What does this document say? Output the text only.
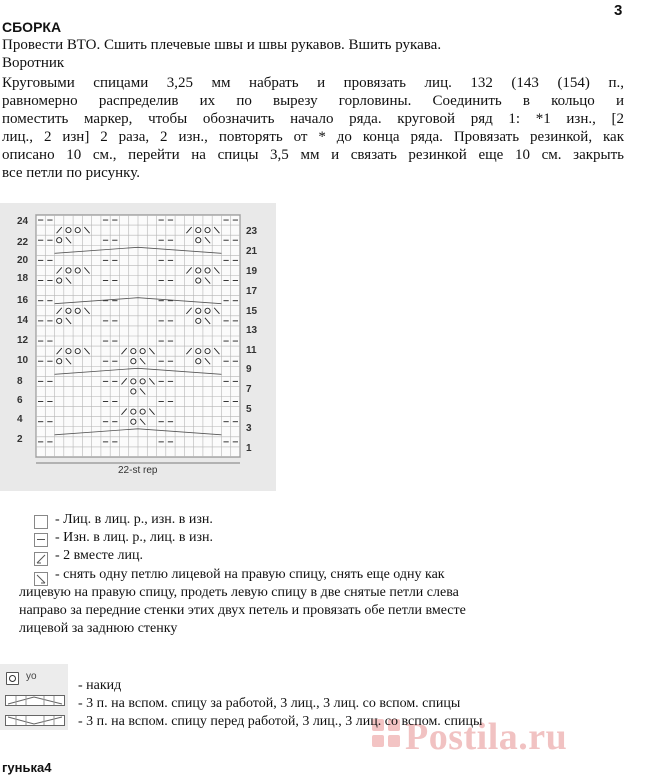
3
СБОРКА
Провести ВТО. Сшить плечевые швы и швы рукавов. Вшить рукава.
Воротник
Круговыми спицами 3,25 мм набрать и провязать лиц. 132 (143 (154) п.,
равномерно распределив их по вырезу горловины. Соединить в кольцо и
поместить маркер, чтобы обозначить начало ряда. круговой ряд 1: *1 изн., [2
лиц., 2 изн] 2 раза, 2 изн., повторять от * до конца ряда. Провязать резинкой, как
описано 10 см., перейти на спицы 3,5 мм и связать резинкой еще 10 см. закрыть
все петли по рисунку.
24
22
20
18
16
14
12
10
8
6
4
2
23
21
19
17
15
13
11
9
7
5
3
1
22-st rep
- Лиц. в лиц. р., изн. в изн.
- Изн. в лиц. р., лиц. в изн.
- 2 вместе лиц.
- снять одну петлю лицевой на правую спицу, снять еще одну как
лицевую на правую спицу, продеть левую спицу в две снятые петли слева
направо за передние стенки этих двух петель и провязать обе петли вместе
лицевой за заднюю стенку
yo
- накид
- 3 п. на вспом. спицу за работой, 3 лиц., 3 лиц. со вспом. спицы
Postila.ru
- 3 п. на вспом. спицу перед работой, 3 лиц., 3 лиц. со вспом. спицы
гунька4
